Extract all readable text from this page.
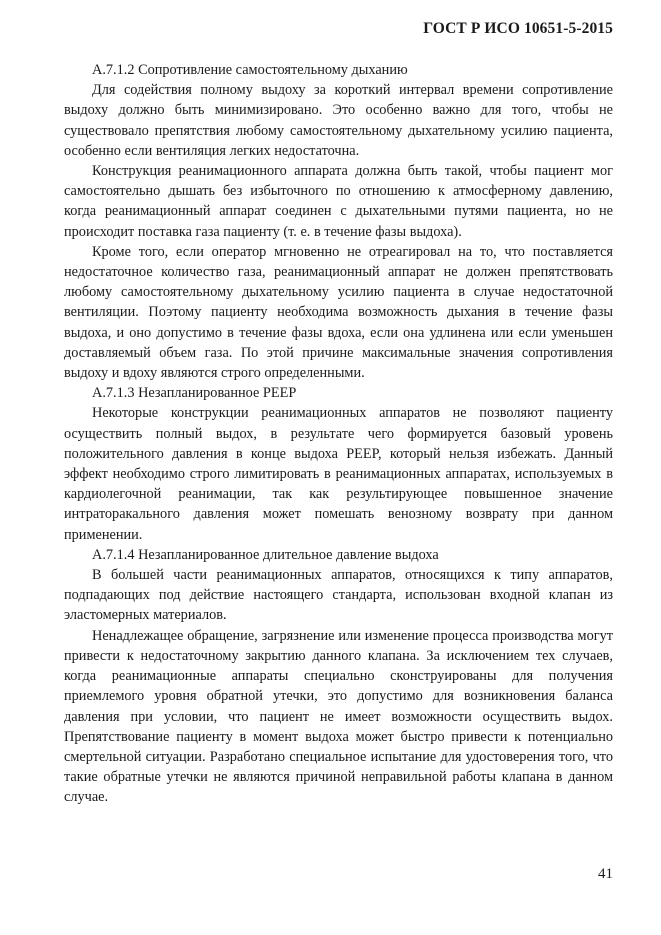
ГОСТ Р ИСО 10651-5-2015

А.7.1.2 Сопротивление самостоятельному дыханию

Для содействия полному выдоху за короткий интервал времени сопротивление выдоху должно быть минимизировано. Это особенно важно для того, чтобы не существовало препятствия любому самостоятельному дыхательному усилию пациента, особенно если вентиляция легких недостаточна.

Конструкция реанимационного аппарата должна быть такой, чтобы пациент мог самостоятельно дышать без избыточного по отношению к атмосферному давлению, когда реанимационный аппарат соединен с дыхательными путями пациента, но не происходит поставка газа пациенту (т. е. в течение фазы выдоха).

Кроме того, если оператор мгновенно не отреагировал на то, что поставляется недостаточное количество газа, реанимационный аппарат не должен препятствовать любому самостоятельному дыхательному усилию пациента в случае недостаточной вентиляции. Поэтому пациенту необходима возможность дыхания в течение фазы выдоха, и оно допустимо в течение фазы вдоха, если она удлинена или если уменьшен доставляемый объем газа. По этой причине максимальные значения сопротивления выдоху и вдоху являются строго определенными.

А.7.1.3 Незапланированное PEEP

Некоторые конструкции реанимационных аппаратов не позволяют пациенту осуществить полный выдох, в результате чего формируется базовый уровень положительного давления в конце выдоха PEEP, который нельзя избежать. Данный эффект необходимо строго лимитировать в реанимационных аппаратах, используемых в кардиолегочной реанимации, так как результирующее повышенное значение интраторакального давления может помешать венозному возврату при данном применении.

А.7.1.4 Незапланированное длительное давление выдоха

В большей части реанимационных аппаратов, относящихся к типу аппаратов, подпадающих под действие настоящего стандарта, использован входной клапан из эластомерных материалов.

Ненадлежащее обращение, загрязнение или изменение процесса производства могут привести к недостаточному закрытию данного клапана. За исключением тех случаев, когда реанимационные аппараты специально сконструированы для получения приемлемого уровня обратной утечки, это допустимо для возникновения баланса давления при условии, что пациент не имеет возможности осуществить выдох. Препятствование пациенту в момент выдоха может быстро привести к потенциально смертельной ситуации. Разработано специальное испытание для удостоверения того, что такие обратные утечки не являются причиной неправильной работы клапана в данном случае.

41
